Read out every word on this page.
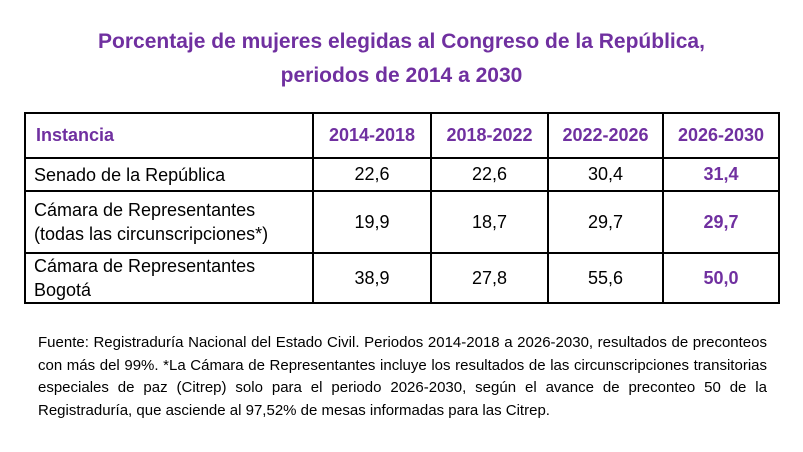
Porcentaje de mujeres elegidas al Congreso de la República,
periodos de 2014 a 2030
Instancia	2014-2018	2018-2022	2022-2026	2026-2030

Senado de la República	22,6	22,6	30,4	31,4

Cámara de Representantes
(todas las circunscripciones*)	19,9	18,7	29,7	29,7

Cámara de Representantes
Bogotá	38,9	27,8	55,6	50,0

Fuente: Registraduría Nacional del Estado Civil. Periodos 2014-2018 a 2026-2030, resultados de preconteos con más del 99%. *La Cámara de Representantes incluye los resultados de las circunscripciones transitorias especiales de paz (Citrep) solo para el periodo 2026-2030, según el avance de preconteo 50 de la Registraduría, que asciende al 97,52% de mesas informadas para las Citrep.
